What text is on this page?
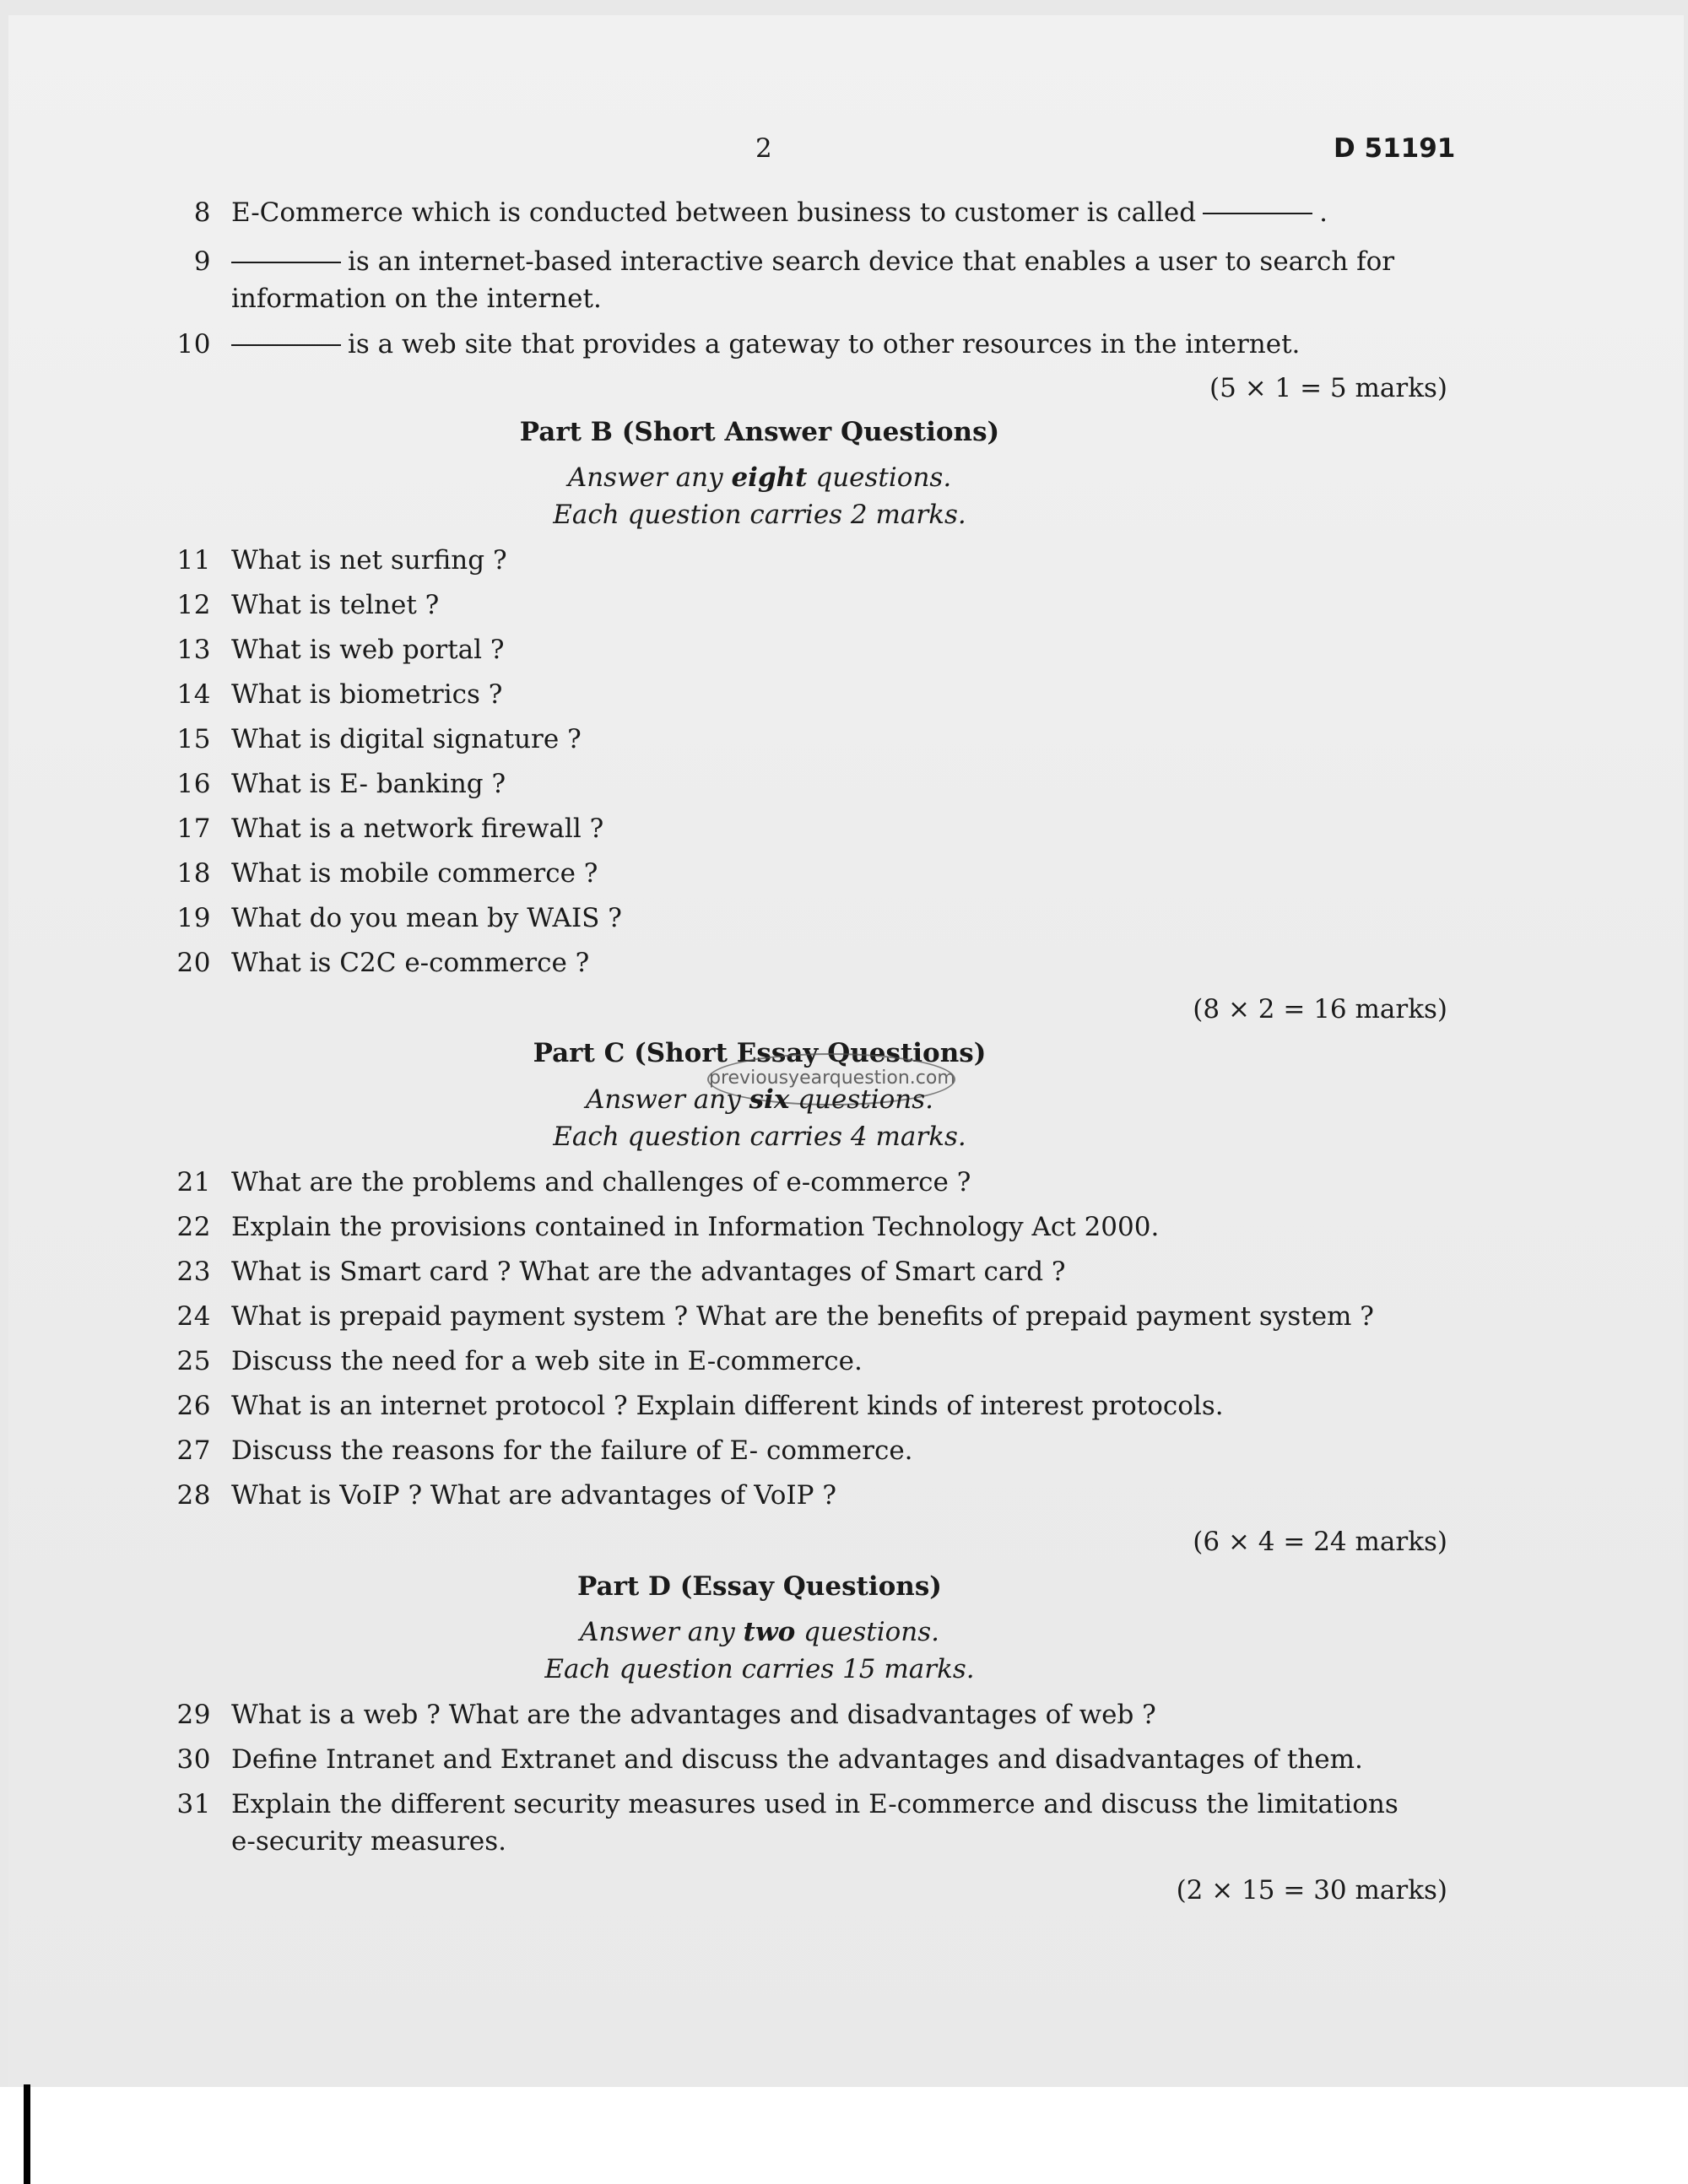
2	D 51191
8 E-Commerce which is conducted between business to customer is called	.
9	is an internet-based interactive search device that enables a user to search for
information on the internet.
10	is a web site that provides a gateway to other resources in the internet.
(5 × 1 = 5 marks)
Part B (Short Answer Questions)
Answer any eight questions.
Each question carries 2 marks.
11 What is net surfing ?
12 What is telnet ?
13 What is web portal ?
14 What is biometrics ?
15 What is digital signature ?
16 What is E- banking ?
17 What is a network firewall ?
18 What is mobile commerce ?
19 What do you mean by WAIS ?
20 What is C2C e-commerce ?
(8 × 2 = 16 marks)
Part C (Short Essay Questions)
previousyearquestion.com
Answer any six questions.
Each question carries 4 marks.
21 What are the problems and challenges of e-commerce ?
22 Explain the provisions contained in Information Technology Act 2000.
23 What is Smart card ? What are the advantages of Smart card ?
24 What is prepaid payment system ? What are the benefits of prepaid payment system ?
25 Discuss the need for a web site in E-commerce.
26 What is an internet protocol ? Explain different kinds of interest protocols.
27 Discuss the reasons for the failure of E- commerce.
28 What is VoIP ? What are advantages of VoIP ?
(6 × 4 = 24 marks)
Part D (Essay Questions)
Answer any two questions.
Each question carries 15 marks.
29 What is a web ? What are the advantages and disadvantages of web ?
30 Define Intranet and Extranet and discuss the advantages and disadvantages of them.
31 Explain the different security measures used in E-commerce and discuss the limitations
e-security measures.
(2 × 15 = 30 marks)
